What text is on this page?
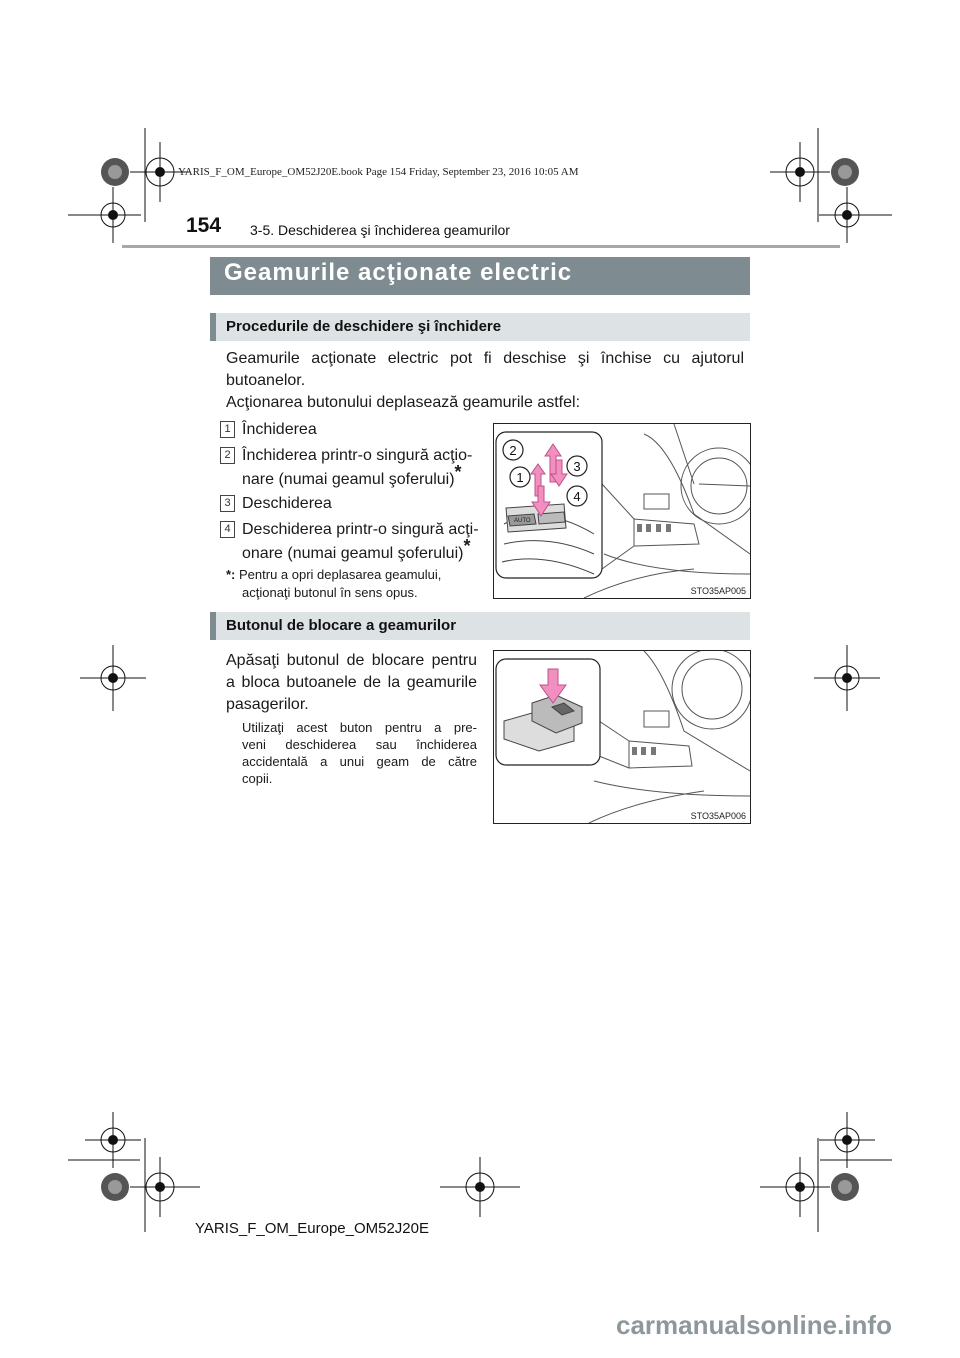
YARIS_F_OM_Europe_OM52J20E.book Page 154 Friday, September 23, 2016 10:05 AM
154 3-5. Deschiderea şi închiderea geamurilor
Geamurile acţionate electric
Procedurile de deschidere şi închidere
Geamurile acţionate electric pot fi deschise şi închise cu ajutorul
butoanelor.
Acţionarea butonului deplasează geamurile astfel:
1 Închiderea
2 Închiderea printr-o singură acţio-
nare (numai geamul şoferului)*
3 Deschiderea
4 Deschiderea printr-o singură acţi-
onare (numai geamul şoferului)*
*: Pentru a opri deplasarea geamului,
acţionaţi butonul în sens opus.
AUTO
2
3
1
4
STO35AP005
Butonul de blocare a geamurilor
Apăsaţi butonul de blocare pentru
a bloca butoanele de la geamurile
pasagerilor.
Utilizaţi acest buton pentru a pre-
veni deschiderea sau închiderea
accidentală a unui geam de către
copii.
STO35AP006
YARIS_F_OM_Europe_OM52J20E
carmanualsonline.info
